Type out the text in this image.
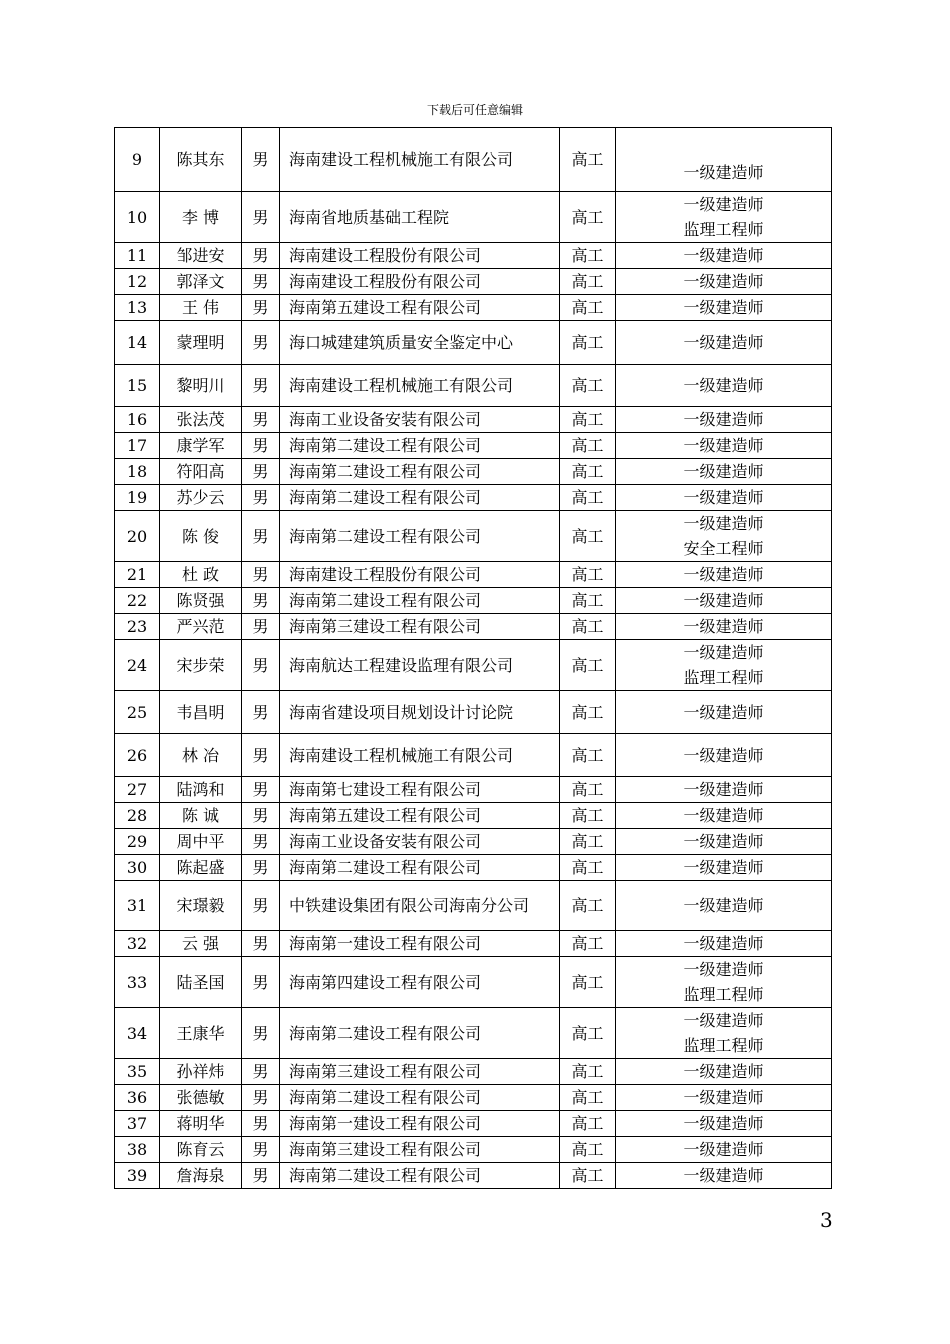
下载后可任意编辑
9	陈其东	男	海南建设工程机械施工有限公司	高工	一级建造师

10	李 博	男	海南省地质基础工程院	高工	一级建造师
监理工程师

11	邹进安	男	海南建设工程股份有限公司	高工	一级建造师

12	郭泽文	男	海南建设工程股份有限公司	高工	一级建造师

13	王 伟	男	海南第五建设工程有限公司	高工	一级建造师

14	蒙理明	男	海口城建建筑质量安全鉴定中心	高工	一级建造师

15	黎明川	男	海南建设工程机械施工有限公司	高工	一级建造师

16	张法茂	男	海南工业设备安装有限公司	高工	一级建造师

17	康学军	男	海南第二建设工程有限公司	高工	一级建造师

18	符阳高	男	海南第二建设工程有限公司	高工	一级建造师

19	苏少云	男	海南第二建设工程有限公司	高工	一级建造师

20	陈 俊	男	海南第二建设工程有限公司	高工	一级建造师
安全工程师

21	杜 政	男	海南建设工程股份有限公司	高工	一级建造师

22	陈贤强	男	海南第二建设工程有限公司	高工	一级建造师

23	严兴范	男	海南第三建设工程有限公司	高工	一级建造师

24	宋步荣	男	海南航达工程建设监理有限公司	高工	一级建造师
监理工程师

25	韦昌明	男	海南省建设项目规划设计讨论院	高工	一级建造师

26	林 冶	男	海南建设工程机械施工有限公司	高工	一级建造师

27	陆鸿和	男	海南第七建设工程有限公司	高工	一级建造师

28	陈 诚	男	海南第五建设工程有限公司	高工	一级建造师

29	周中平	男	海南工业设备安装有限公司	高工	一级建造师

30	陈起盛	男	海南第二建设工程有限公司	高工	一级建造师

31	宋璟毅	男	中铁建设集团有限公司海南分公司	高工	一级建造师

32	云 强	男	海南第一建设工程有限公司	高工	一级建造师

33	陆圣国	男	海南第四建设工程有限公司	高工	一级建造师
监理工程师

34	王康华	男	海南第二建设工程有限公司	高工	一级建造师
监理工程师

35	孙祥炜	男	海南第三建设工程有限公司	高工	一级建造师

36	张德敏	男	海南第二建设工程有限公司	高工	一级建造师

37	蒋明华	男	海南第一建设工程有限公司	高工	一级建造师

38	陈育云	男	海南第三建设工程有限公司	高工	一级建造师

39	詹海泉	男	海南第二建设工程有限公司	高工	一级建造师
3
